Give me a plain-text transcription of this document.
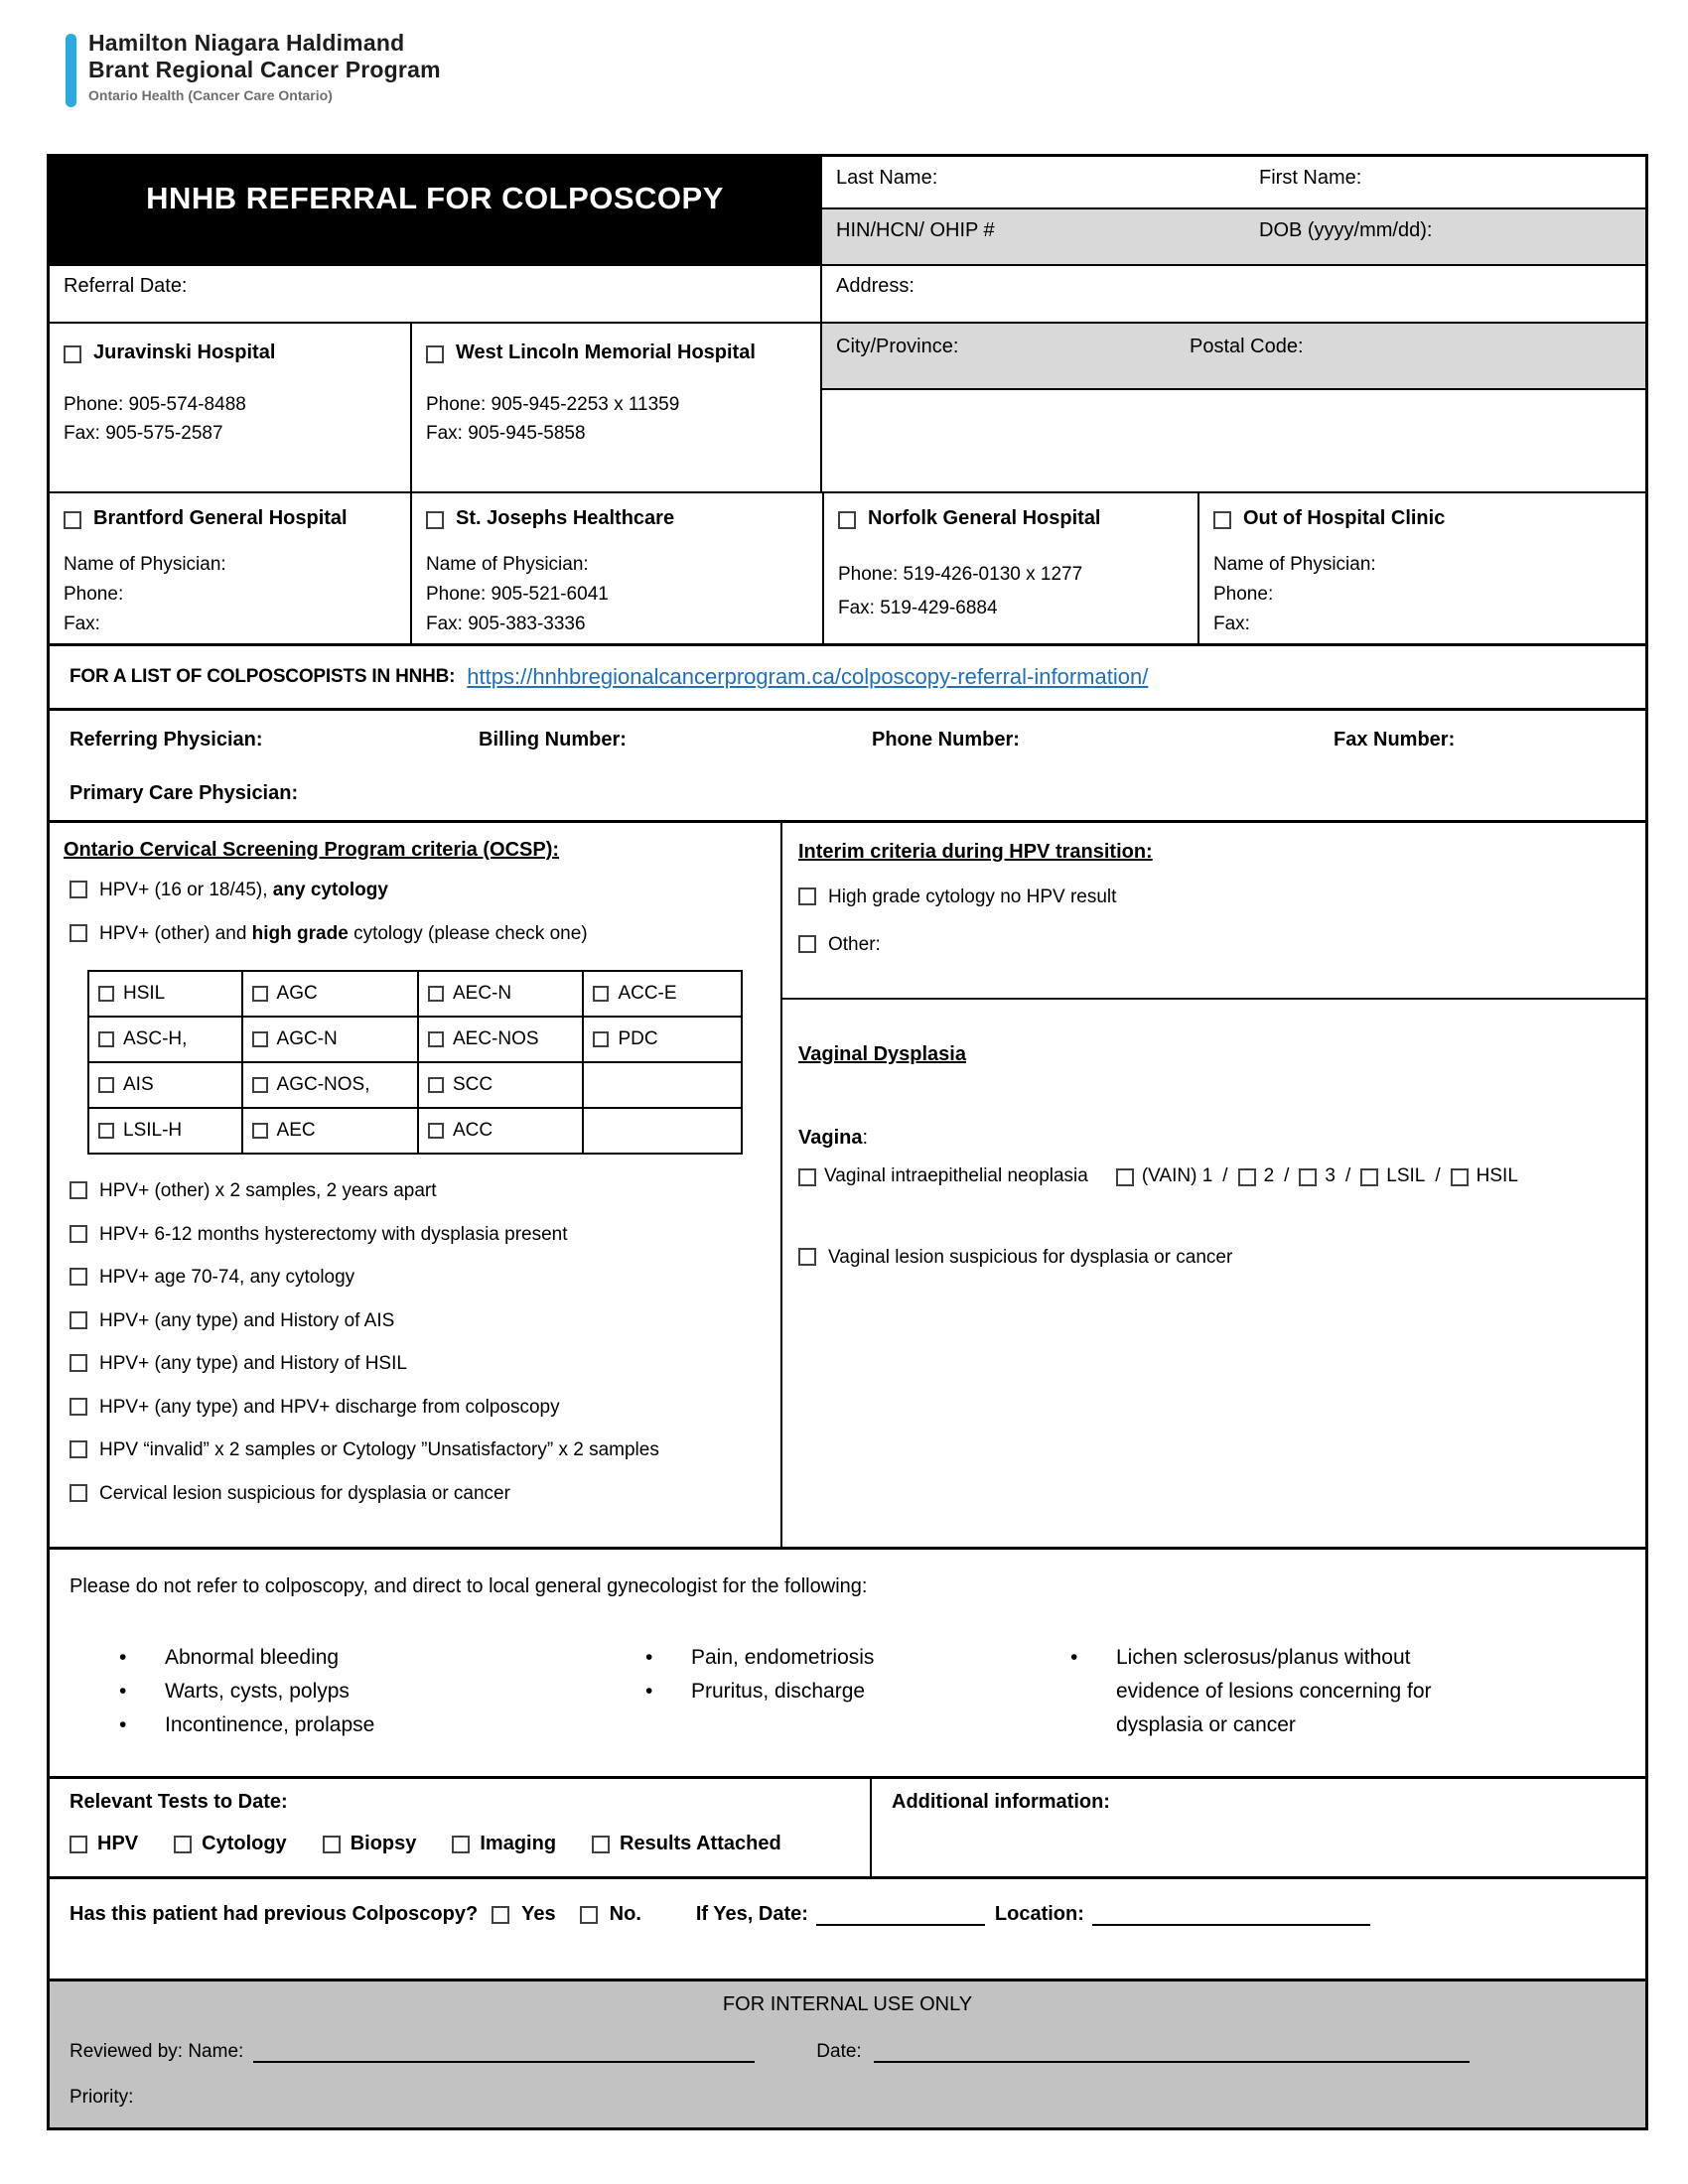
Hamilton Niagara Haldimand
Brant Regional Cancer Program
Ontario Health (Cancer Care Ontario)
HNHB REFERRAL FOR COLPOSCOPY
Last Name:	First Name:
HIN/HCN/ OHIP #	DOB (yyyy/mm/dd):
Referral Date:	Address:
Juravinski Hospital
Phone: 905-574-8488
Fax: 905-575-2587
West Lincoln Memorial Hospital
Phone: 905-945-2253 x 11359
Fax: 905-945-5858
City/Province:	Postal Code:
Brantford General Hospital
Name of Physician:
Phone:
Fax:
St. Josephs Healthcare
Name of Physician:
Phone: 905-521-6041
Fax: 905-383-3336
Norfolk General Hospital
Phone: 519-426-0130 x 1277
Fax: 519-429-6884
Out of Hospital Clinic
Name of Physician:
Phone:
Fax:
FOR A LIST OF COLPOSCOPISTS IN HNHB: https://hnhbregionalcancerprogram.ca/colposcopy-referral-information/
Referring Physician:	Billing Number:	Phone Number:	Fax Number:
Primary Care Physician:
Ontario Cervical Screening Program criteria (OCSP):
HPV+ (16 or 18/45), any cytology
HPV+ (other) and high grade cytology (please check one)
HSIL	AGC	AEC-N	ACC-E

ASC-H,	AGC-N	AEC-NOS	PDC

AIS	AGC-NOS,	SCC	

LSIL-H	AEC	ACC	

HPV+ (other) x 2 samples, 2 years apart
HPV+ 6-12 months hysterectomy with dysplasia present
HPV+ age 70-74, any cytology
HPV+ (any type) and History of AIS
HPV+ (any type) and History of HSIL
HPV+ (any type) and HPV+ discharge from colposcopy
HPV “invalid” x 2 samples or Cytology ”Unsatisfactory” x 2 samples
Cervical lesion suspicious for dysplasia or cancer
Interim criteria during HPV transition:
High grade cytology no HPV result
Other:
Vaginal Dysplasia
Vagina:
Vaginal intraepithelial neoplasia	(VAIN) 1 / 2 / 3 / LSIL / HSIL
Vaginal lesion suspicious for dysplasia or cancer
Please do not refer to colposcopy, and direct to local general gynecologist for the following:
•	Abnormal bleeding
•	Warts, cysts, polyps
•	Incontinence, prolapse
•	Pain, endometriosis
•	Pruritus, discharge
•	Lichen sclerosus/planus without evidence of lesions concerning for dysplasia or cancer
Relevant Tests to Date:
HPV	Cytology	Biopsy	Imaging	Results Attached
Additional information:
Has this patient had previous Colposcopy? Yes	No.	If Yes, Date:	Location:
FOR INTERNAL USE ONLY
Reviewed by: Name:	Date:
Priority:
